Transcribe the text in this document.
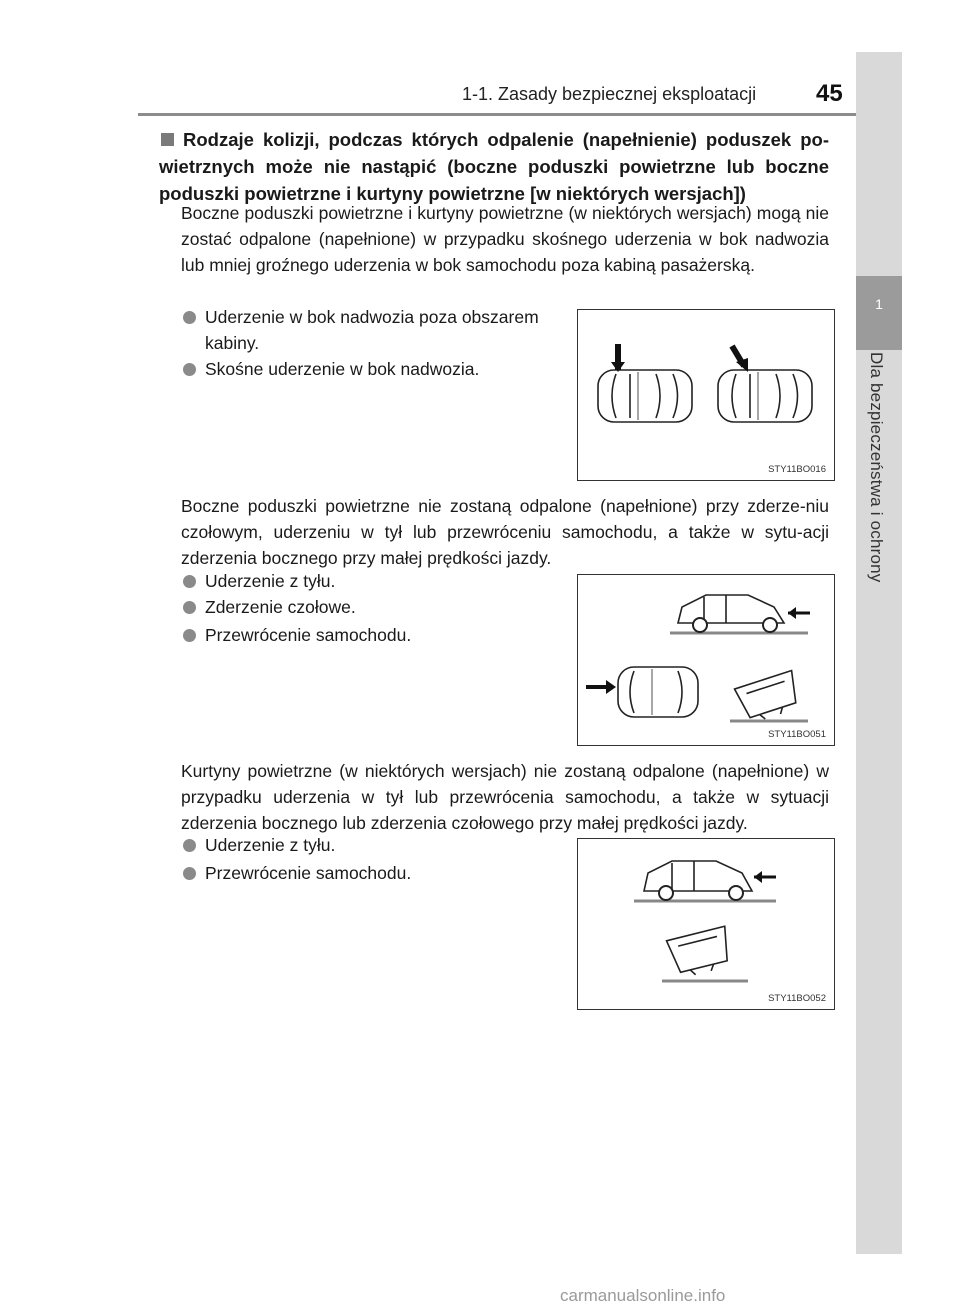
1-1. Zasady bezpiecznej eksploatacji 45
1
Dla bezpieczeństwa i ochrony
Rodzaje kolizji, podczas których odpalenie (napełnienie) poduszek po-wietrznych może nie nastąpić (boczne poduszki powietrzne lub boczne poduszki powietrzne i kurtyny powietrzne [w niektórych wersjach])

Boczne poduszki powietrzne i kurtyny powietrzne (w niektórych wersjach) mogą nie zostać odpalone (napełnione) w przypadku skośnego uderzenia w bok nadwozia lub mniej groźnego uderzenia w bok samochodu poza kabiną pasażerską.

Uderzenie w bok nadwozia poza obszarem kabiny.
Skośne uderzenie w bok nadwozia.
STY11BO016

Boczne poduszki powietrzne nie zostaną odpalone (napełnione) przy zderze-niu czołowym, uderzeniu w tył lub przewróceniu samochodu, a także w sytu-acji zderzenia bocznego przy małej prędkości jazdy.

Uderzenie z tyłu.
Zderzenie czołowe.
Przewrócenie samochodu.
STY11BO051

Kurtyny powietrzne (w niektórych wersjach) nie zostaną odpalone (napełnione) w przypadku uderzenia w tył lub przewrócenia samochodu, a także w sytuacji zderzenia bocznego lub zderzenia czołowego przy małej prędkości jazdy.

Uderzenie z tyłu.
Przewrócenie samochodu.
STY11BO052
carmanualsonline.info
